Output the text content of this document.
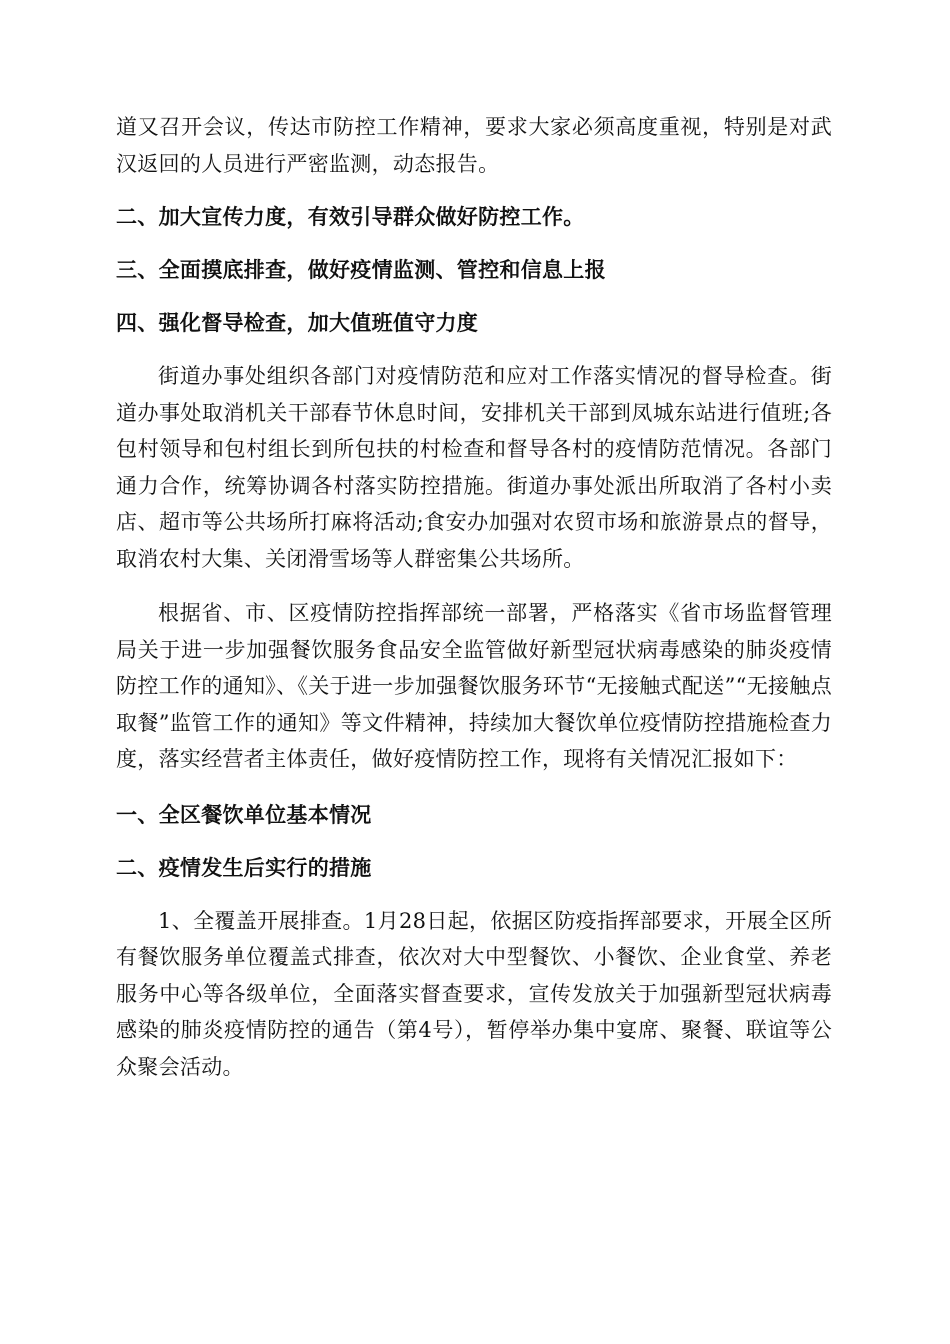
道又召开会议，传达市防控工作精神，要求大家必须高度重视，特别是对武汉返回的人员进行严密监测，动态报告。

二、加大宣传力度，有效引导群众做好防控工作。
三、全面摸底排查，做好疫情监测、管控和信息上报
四、强化督导检查，加大值班值守力度

街道办事处组织各部门对疫情防范和应对工作落实情况的督导检查。街道办事处取消机关干部春节休息时间，安排机关干部到凤城东站进行值班;各包村领导和包村组长到所包扶的村检查和督导各村的疫情防范情况。各部门通力合作，统筹协调各村落实防控措施。街道办事处派出所取消了各村小卖店、超市等公共场所打麻将活动;食安办加强对农贸市场和旅游景点的督导，取消农村大集、关闭滑雪场等人群密集公共场所。

根据省、市、区疫情防控指挥部统一部署，严格落实《省市场监督管理局关于进一步加强餐饮服务食品安全监管做好新型冠状病毒感染的肺炎疫情防控工作的通知》、《关于进一步加强餐饮服务环节“无接触式配送”“无接触点取餐”监管工作的通知》等文件精神，持续加大餐饮单位疫情防控措施检查力度，落实经营者主体责任，做好疫情防控工作，现将有关情况汇报如下：

一、全区餐饮单位基本情况
二、疫情发生后实行的措施

1、全覆盖开展排查。1月28日起，依据区防疫指挥部要求，开展全区所有餐饮服务单位覆盖式排查，依次对大中型餐饮、小餐饮、企业食堂、养老服务中心等各级单位，全面落实督查要求，宣传发放关于加强新型冠状病毒感染的肺炎疫情防控的通告（第4号），暂停举办集中宴席、聚餐、联谊等公众聚会活动。
